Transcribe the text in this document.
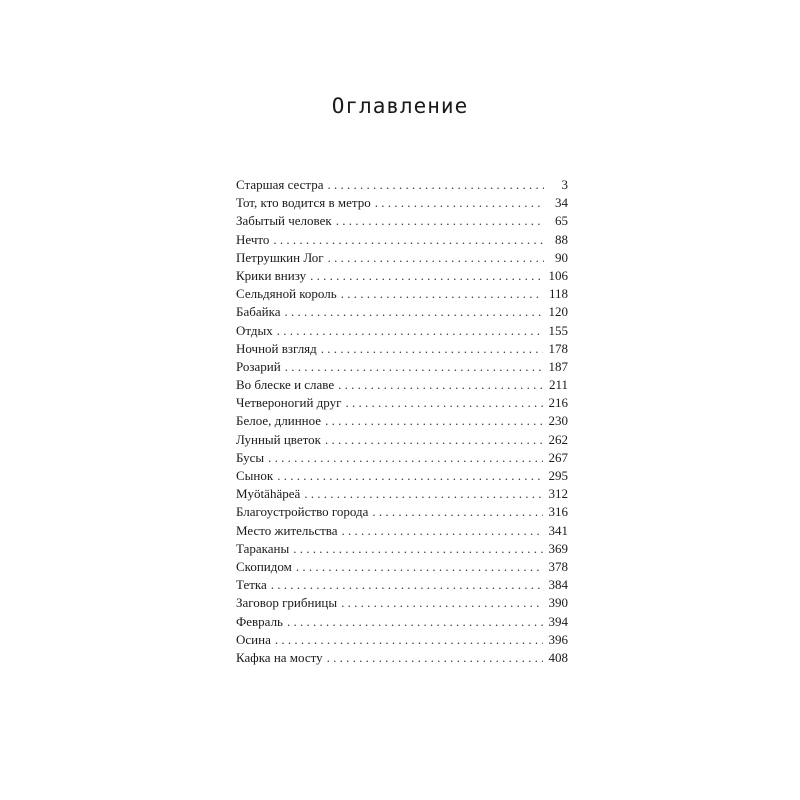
Оглавление
Старшая сестра . . .	3
Тот, кто водится в метро . . .	34
Забытый человек . . .	65
Нечто . . .	88
Петрушкин Лог . . .	90
Крики внизу . . .	106
Сельдяной король . . .	118
Бабайка . . .	120
Отдых . . .	155
Ночной взгляд . . .	178
Розарий . . .	187
Во блеске и славе . . .	211
Четвероногий друг . . .	216
Белое, длинное . . .	230
Лунный цветок . . .	262
Бусы . . .	267
Сынок . . .	295
Myötähäpeä . . .	312
Благоустройство города . . .	316
Место жительства . . .	341
Тараканы . . .	369
Скопидом . . .	378
Тетка . . .	384
Заговор грибницы . . .	390
Февраль . . .	394
Осина . . .	396
Кафка на мосту . . .	408
